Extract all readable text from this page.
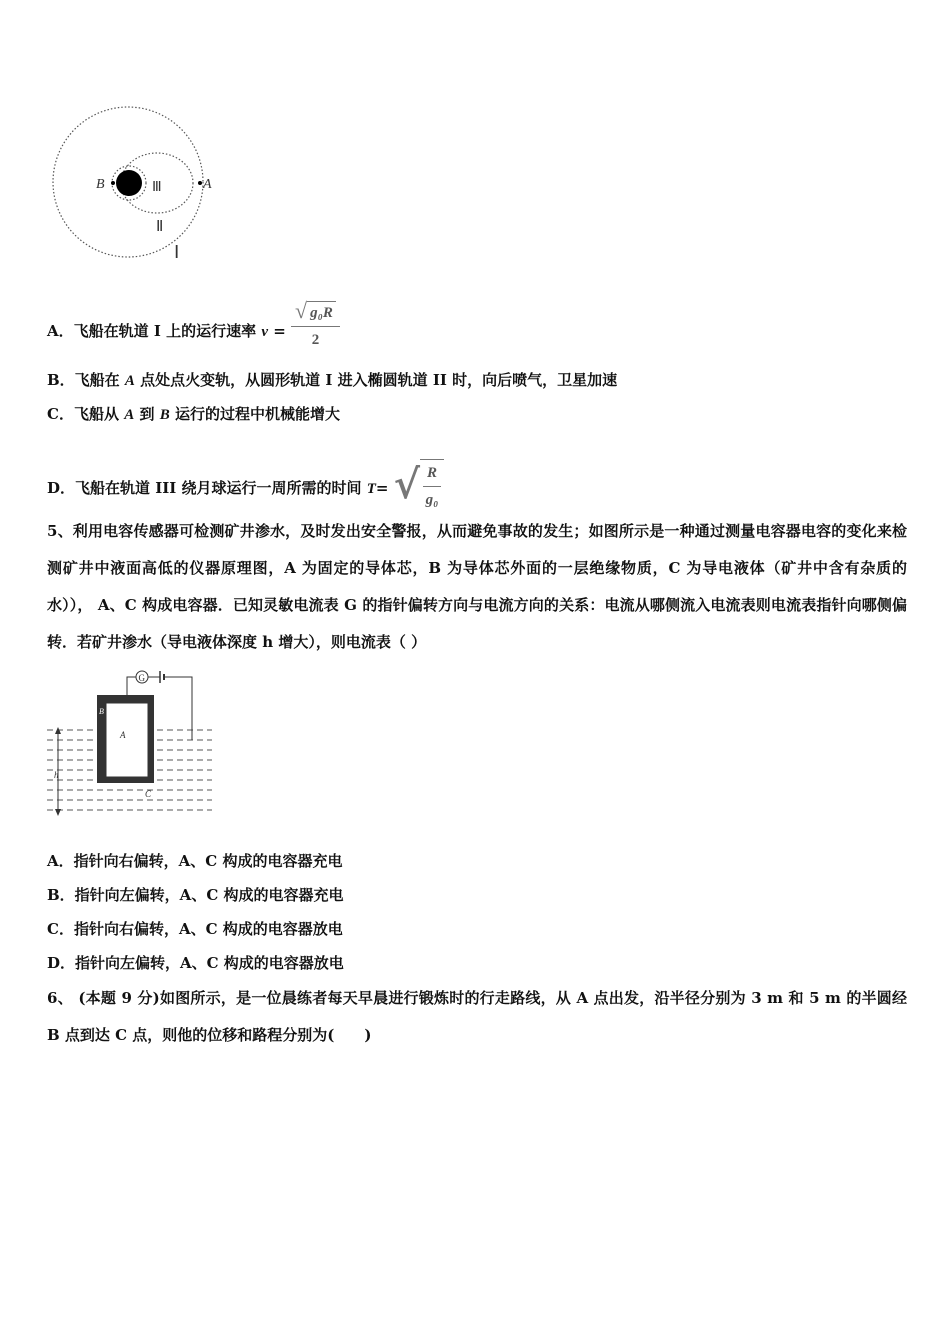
B	A
Ⅲ
Ⅱ
Ⅰ
A．飞船在轨道 I 上的运行速率 $v = \frac{\text{√ g₀R}}{2}$
B．飞船在 A 点处点火变轨，从圆形轨道 I 进入椭圆轨道 II 时，向后喷气，卫星加速
C．飞船从 A 到 B 运行的过程中机械能增大
D．飞船在轨道 III 绕月球运行一周所需的时间 T= √ $\frac{R}{\text{g₀}}$
5、利用电容传感器可检测矿井渗水，及时发出安全警报，从而避免事故的发生；如图所示是一种通过测量电容器电容的变化来检测矿井中液面高低的仪器原理图，A 为固定的导体芯，B 为导体芯外面的一层绝缘物质，C 为导电液体（矿井中含有杂质的水））， A、C 构成电容器．已知灵敏电流表 G 的指针偏转方向与电流方向的关系：电流从哪侧流入电流表则电流表指针向哪侧偏转．若矿井渗水（导电液体深度 h 增大），则电流表（ ）
G
h
A
B
C
A．指针向右偏转，A、C 构成的电容器充电
B．指针向左偏转，A、C 构成的电容器充电
C．指针向右偏转，A、C 构成的电容器放电
D．指针向左偏转，A、C 构成的电容器放电
6、 (本题 9 分)如图所示，是一位晨练者每天早晨进行锻炼时的行走路线，从 A 点出发，沿半径分别为 3 m 和 5 m 的半圆经 B 点到达 C 点，则他的位移和路程分别为(　　)
